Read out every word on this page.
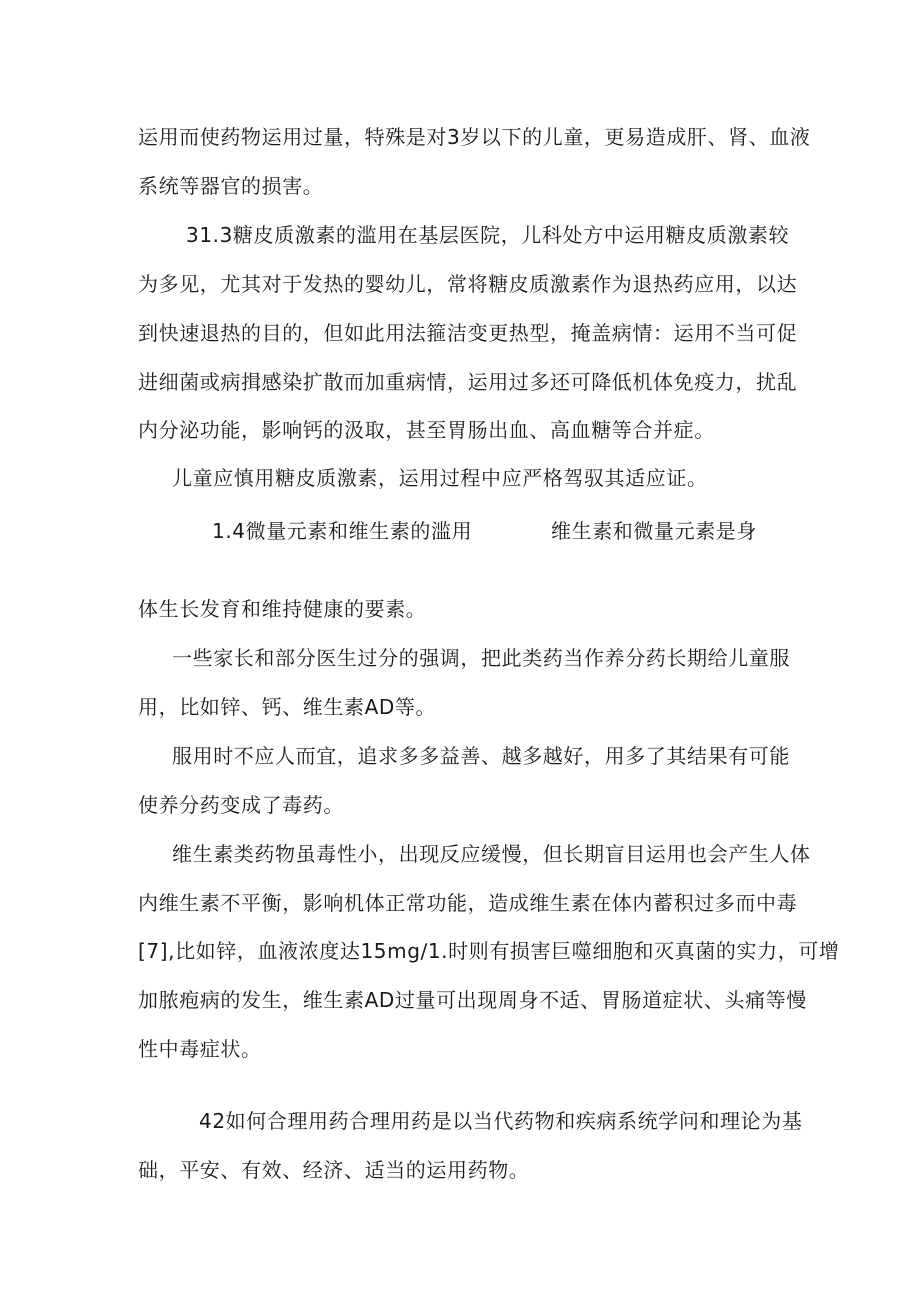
运用而使药物运用过量，特殊是对3岁以下的儿童，更易造成肝、肾、血液
系统等器官的损害。
31.3糖皮质激素的滥用在基层医院，儿科处方中运用糖皮质激素较
为多见，尤其对于发热的婴幼儿，常将糖皮质激素作为退热药应用，以达
到快速退热的目的，但如此用法箍洁变更热型，掩盖病情：运用不当可促
进细菌或病揖感染扩散而加重病情，运用过多还可降低机体免疫力，扰乱
内分泌功能，影响钙的汲取，甚至胃肠出血、高血糖等合并症。
儿童应慎用糖皮质激素，运用过程中应严格驾驭其适应证。
1.4微量元素和维生素的滥用	维生素和微量元素是身
体生长发育和维持健康的要素。
一些家长和部分医生过分的强调，把此类药当作养分药长期给儿童服
用，比如锌、钙、维生素AD等。
服用时不应人而宜，追求多多益善、越多越好，用多了其结果有可能
使养分药变成了毒药。
维生素类药物虽毒性小，出现反应缓慢，但长期盲目运用也会产生人体
内维生素不平衡，影响机体正常功能，造成维生素在体内蓄积过多而中毒
[7],比如锌，血液浓度达15mg∕1.时则有损害巨噬细胞和灭真菌的实力，可增
加脓疱病的发生，维生素AD过量可出现周身不适、胃肠道症状、头痛等慢
性中毒症状。
42如何合理用药合理用药是以当代药物和疾病系统学问和理论为基
础，平安、有效、经济、适当的运用药物。
